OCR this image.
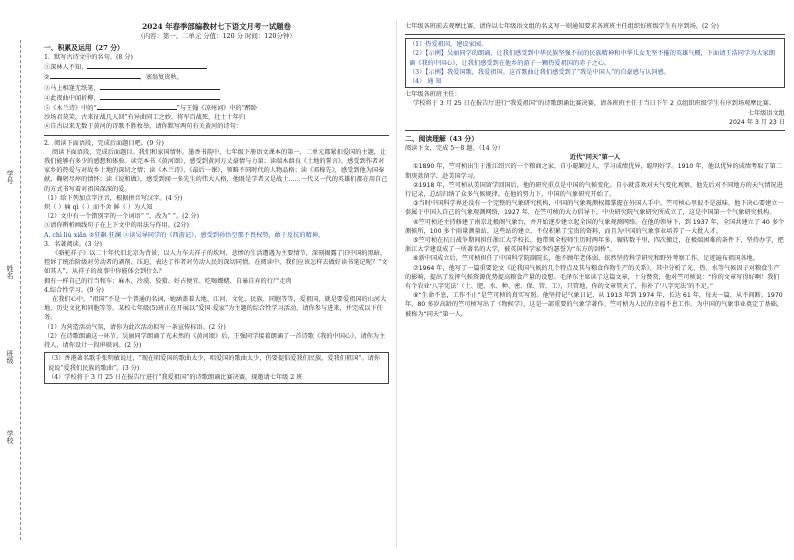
学号
姓名
班级
学校
2024 年春季部编教材七下语文月考一试题卷
（内容：第一、二单元 分值：120 分 时间：120分钟）
一、积累及运用（27 分）

1．默写古诗文中的名句。(8 分)

①深林人不知，

②	，塞翁复贵秋。

③马上相逢无纸笔，

④此夜曲中闻折柳，

⑤《木兰诗》中的“	”与王翰《凉州词》中的“醉卧

沙场君莫笑，古来征战几人回”有异曲同工之妙，将军百战死，壮士十年归

⑥自古以来无数于黄河的诗歌不胜枚举，请你默写两句有关黄河的诗句：

2．阅读下面语段，完成后面题目吧。(9 分)

阅读下面语段，完成后面题目。我们和家国情怀。墨香书韵中，七年级下册语文课本的第一、二单元都紧扣爱国的主题，让我们能够有多少的感想和体验。读完本书《黄河颂》，感受到黄河万丈豪情与力量；读端木蕻良《土地的誓言》，感受到作者对家乡的热爱与对故乡土地的深切之情；读《木兰诗》、《最后一课》，领略不同时代的人物品格；读《邓稼先》，感受到他为国奉献、鞠躬尽瘁的情怀；读《说和做》，感受到闻一多先生的伟大人格，他既是学者又是战士……一代又一代的英雄们都在用自己的方式书写着对祖国深深的爱。

（1）给下列加点字注音，根据拼音写汉字。(4 分)

炽（ ）痛 qì（ ）而不舍 鲜（ ）为人知

（2）文中有一个错别字的一个词语“ ”，改为“ ”。(2 分)

③请你辨析画线句子在上下文中的用法与作用。(2分)

A. chì liú xiǎn ②狂飙 狂澜 ③读吴导同学的《西游记》，感受到孙悟空那不畏权势，敢于反抗的精神。

3．名著阅读。(3 分)

《骆驼祥子》以二十年代旧北京为背景，以人力车夫祥子的坎坷、悲惨的生活遭遇为主要情节，深刻揭露了旧中国的黑暗，控诉了统治阶级对劳动者的剥削、压迫，表达了作者对劳动人民的深切同情。在阅读中，我们应该怎样去做好读书笔记呢？“文如其人”，从祥子的故事中你能体会到什么？

拥有一样自己的行当和车；麻木、冷漠、狡猾、好占便宜、吃喝嫖赌、自暴自弃的行尸走肉

4.综合性学习。(9 分)

在我们心中，“祖国”不是一个普通的名词，她涵盖着大地、江河、文化、民族、同胞等等，爱祖国，就是要爱祖国的山河大地、历史文化和同胞等等。某校七年级(5)班正在开展以“爱国 爱家”为主题的综合性学习活动，请你参与进来，并完成以下任务。

（1）为营造活动气氛，请你为此次活动拟写一条宣传标语。(2 分)

（2）在诗歌朗诵这一环节，吴丽同学朗诵了光未然的《黄河颂》后，王强同学接着朗诵了一首诗歌《我的中国心》，请你为主持人，请你设计一段串联词。(2 分)

（3）香港著名歌手张明敏说过，“现在唱爱国的歌曲太少，唱爱国的歌曲太少，仍要提倡爱我们民族，爱我们祖国”。请你说说“爱我们民族的歌曲”。(3 分)

（4）学校将于 3 月 25 日在报告厅进行“我爱祖国”的诗歌朗诵比赛决赛，现邀请七年级 2 班

七年级各班前去观摩比赛，请你以七年级语文组的名义写一则通知要求各班班主任组织好班级学生有序到场。(2 分)

（1）热爱祖国，建设家园。

（2）【示例】吴丽同学的朗诵，让我们感受到中华民族坚强不屈的民族精神和中华儿女无坚不摧的英雄气概，下面请王浩同学为大家朗诵《我的中国心》，让我们感受到在他乡的游子一颗热爱祖国的赤子之心。

（3）【示例】我爱国歌，我爱祖国。这首歌曲让我们感受到了“我是中国人”的自豪感与认同感。

（4） 通 知

七年级各班班主任：

学校将于 3 月 25 日在报告厅进行“我爱祖国”的诗歌朗诵比赛决赛，请各班班主任于当日下午 2 点组织班级学生有序到场观摩比赛。

七年级语文组

2024 年 3 月 23 日

二、阅读理解（43 分）

阅读下文，完成 5～8 题。（14 分）

近代“同天”第一人

①1890 年，竺可桢出生于浙江绍兴的一个粮商之家，自小聪颖过人，学习成绩优异，聪明好学。1910 年，他以优异的成绩考取了第二期庚款留学，赴美国学习。

②1918 年，竺可桢从美国留学回国后，他的研究重点是中国的气候变化。自小就喜欢对天气变化观察，他先后对不同地方的天气情况进行记录，总结归纳了众多气候规律。在他的努力下，中国的气象研究开始了。

③当时中国科学界还没有一个完整的气象研究机构，中国的气象观测权都掌握在外国人手中。竺可桢心里很不是滋味，他下决心要建立一套属于中国人自己的气象观测网络，1927 年，在竺可桢的大力倡导下，中央研究院气象研究所成立了，这是中国第一个气象研究机构。

④竺可桢还主持修建了南京北极阁气象台，并开始逐步建立起全国的气象观测网络。在他的领导下，到 1937 年，全国共建立了 40 多个测候所，100 多个雨量测量站，这些站的建立，不仅积累了宝贵的资料，而且为中国的气象事业培养了一大批人才。

⑤竺可桢在抗日战争期间担任浙江大学校长，他带领全校师生历时两年多，辗转数千里，四次搬迁，在极端困难的条件下，坚持办学，把浙江大学建设成了一所著名的大学，被英国科学家李约瑟誉为“东方的剑桥”。

⑥新中国成立后，竺可桢担任了中国科学院副院长，他不顾年老体弱，依然坚持科学研究和野外考察工作，足迹遍布祖国各地。

⑦1964 年，他写了一篇重要论文《论我国气候的几个特点及其与粮食作物生产的关系》，其中分析了光、热、水等气候因子对粮食生产的影响，提出了发挥气候资源优势提高粮食产量的设想。毛泽东主席读了这篇文章，十分赞赏，他对竺可桢说：“你的文章写得好啊！我们有个农业‘八字宪法’（土、肥、水、种、密、保、管、工），只管地，你的文章管天了，你补了‘八字宪法’的不足。”

⑧“生命不息，工作不止”是竺可桢的真实写照。他坚持记气象日记，从 1913 年到 1974 年，长达 61 年，每天一篇，从不间断。1970 年，80 多岁高龄的竺可桢写出了《物候学》，这是一部重要的气象学著作。竺可桢为人民的幸福不息工作，为中国的气象事业奠定了基础，被称为“同天”第一人。
